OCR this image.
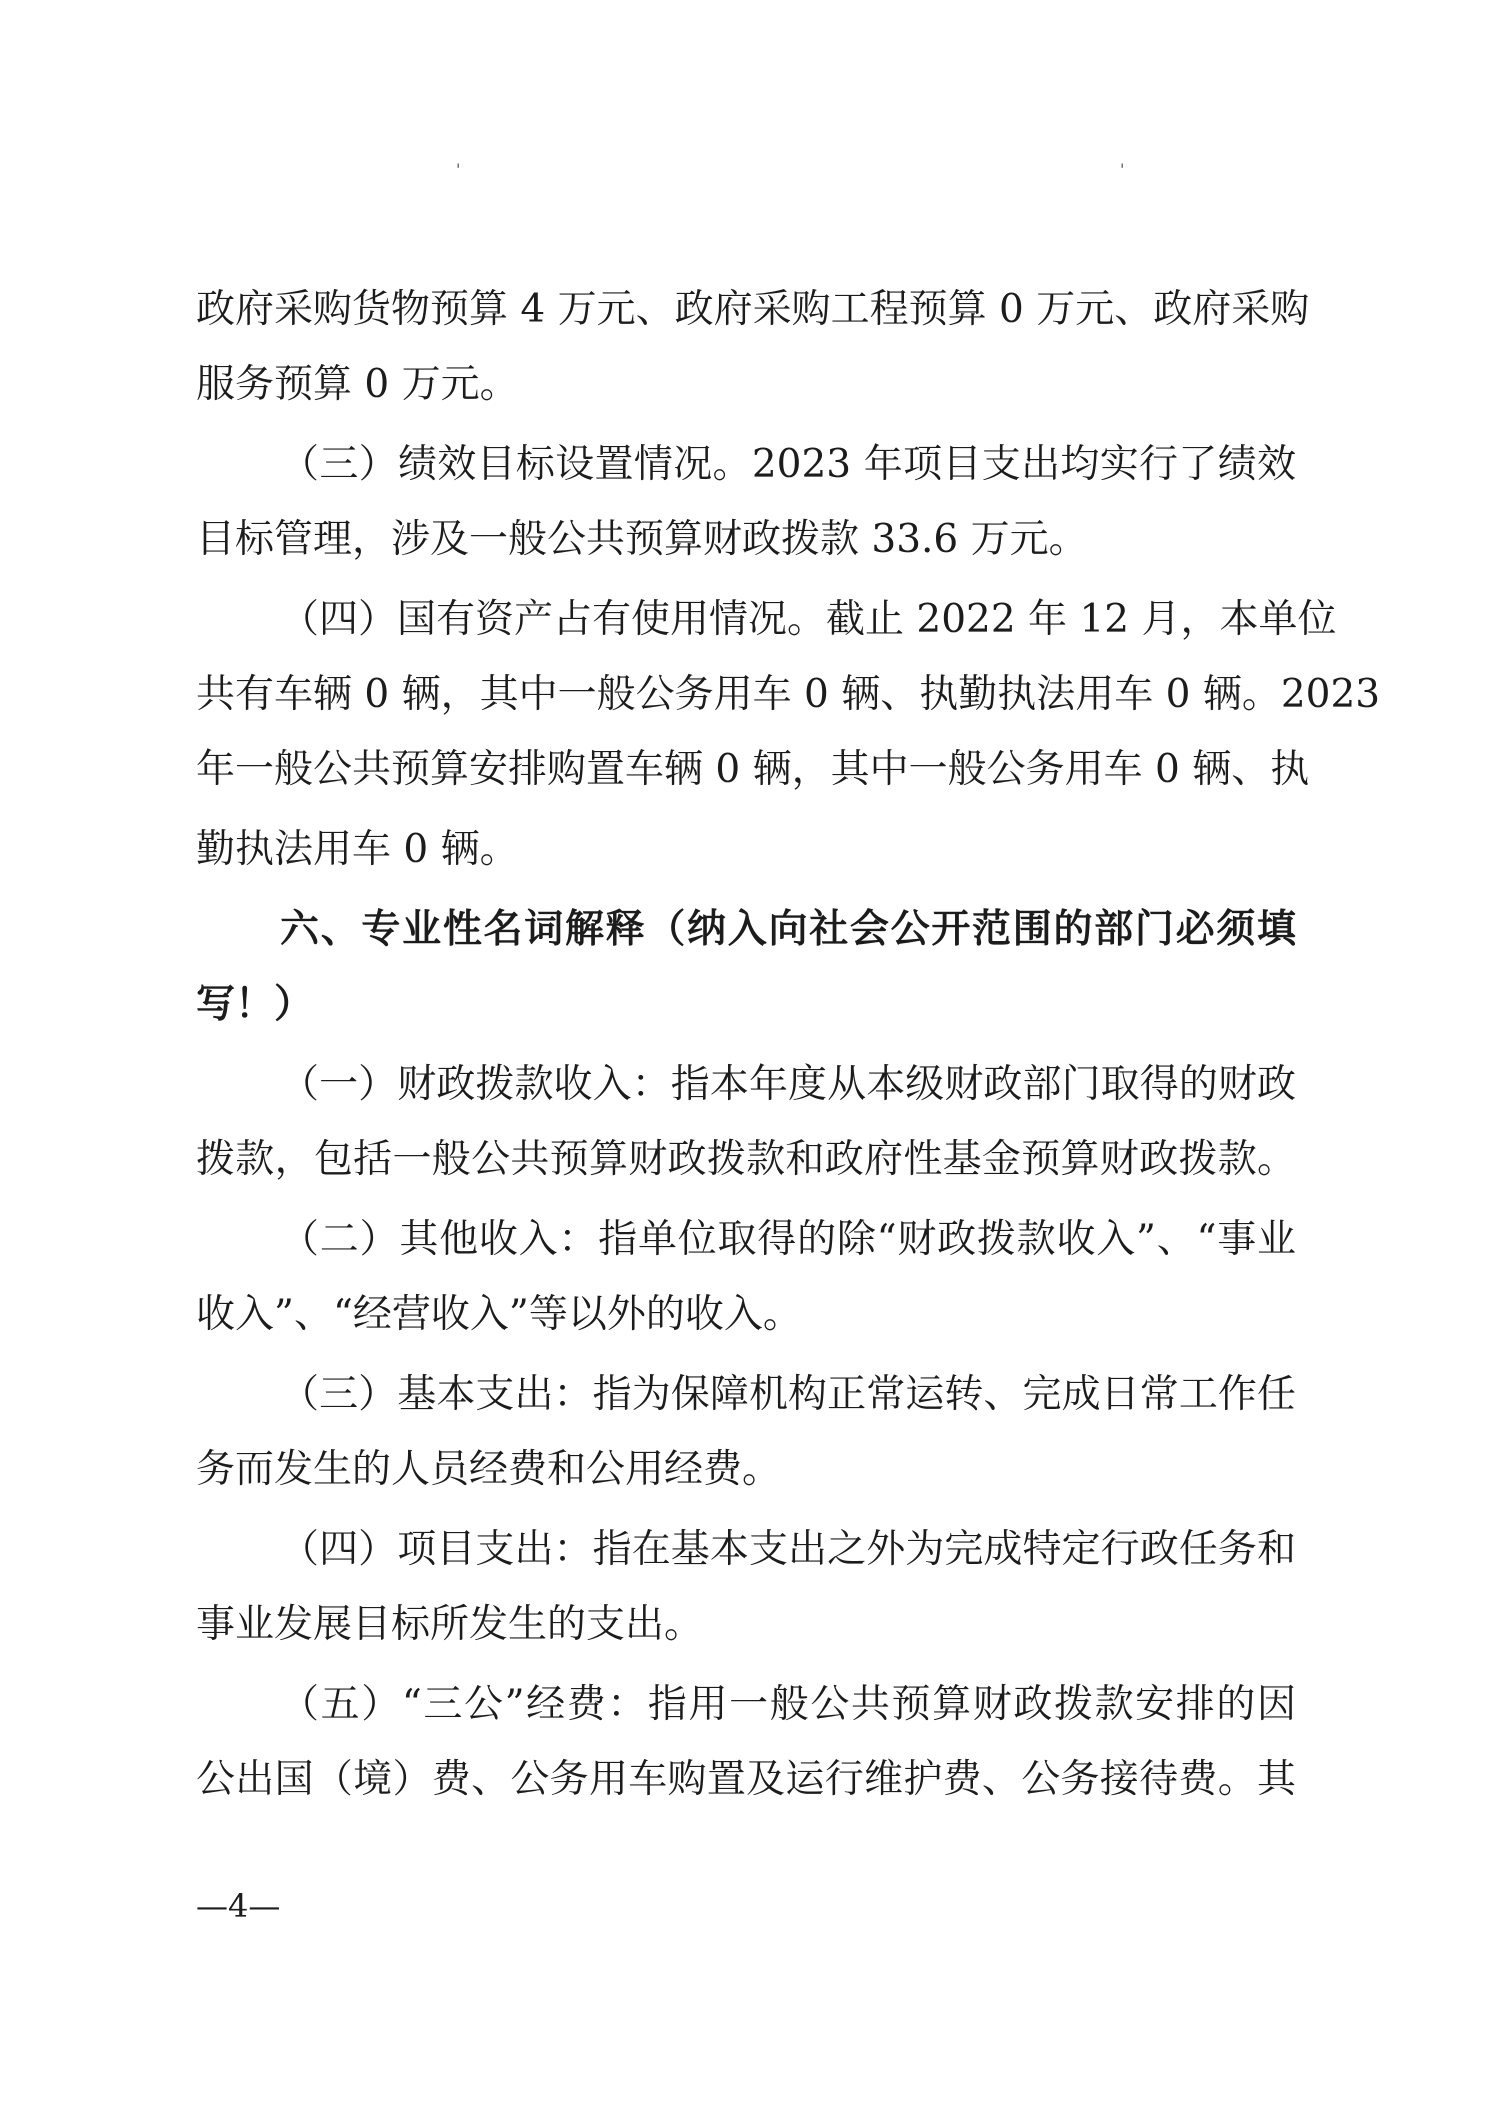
'	'
政府采购货物预算 4 万元、政府采购工程预算 0 万元、政府采购
服务预算 0 万元。
（三）绩效目标设置情况。2023 年项目支出均实行了绩效
目标管理，涉及一般公共预算财政拨款 33.6 万元。
（四）国有资产占有使用情况。截止 2022 年 12 月，本单位
共有车辆 0 辆，其中一般公务用车 0 辆、执勤执法用车 0 辆。2023
年一般公共预算安排购置车辆 0 辆，其中一般公务用车 0 辆、执
勤执法用车 0 辆。
六、专业性名词解释（纳入向社会公开范围的部门必须填
写！）
（一）财政拨款收入：指本年度从本级财政部门取得的财政
拨款，包括一般公共预算财政拨款和政府性基金预算财政拨款。
（二）其他收入：指单位取得的除“财政拨款收入”、“事业
收入”、“经营收入”等以外的收入。
（三）基本支出：指为保障机构正常运转、完成日常工作任
务而发生的人员经费和公用经费。
（四）项目支出：指在基本支出之外为完成特定行政任务和
事业发展目标所发生的支出。
（五）“三公”经费：指用一般公共预算财政拨款安排的因
公出国（境）费、公务用车购置及运行维护费、公务接待费。其
—4—
